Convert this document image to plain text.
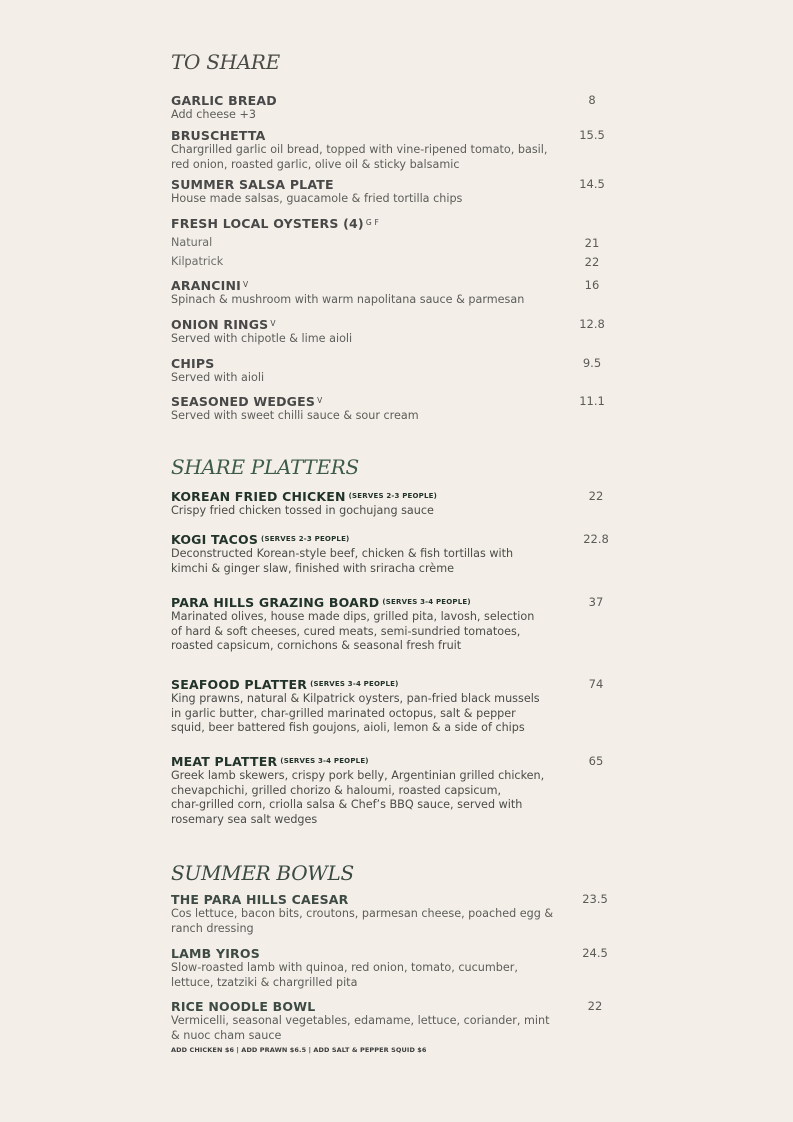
TO SHARE
GARLIC BREAD
Add cheese +3
8
BRUSCHETTA
Chargrilled garlic oil bread, topped with vine-ripened tomato, basil,
red onion, roasted garlic, olive oil & sticky balsamic
15.5
SUMMER SALSA PLATE
House made salsas, guacamole & fried tortilla chips
14.5
FRESH LOCAL OYSTERS (4) $^{G F}$
Natural	21
Kilpatrick	22
ARANCINI $^V$
Spinach & mushroom with warm napolitana sauce & parmesan
16
ONION RINGS $^V$
Served with chipotle & lime aioli
12.8
CHIPS
Served with aioli
9.5
SEASONED WEDGES $^V$
Served with sweet chilli sauce & sour cream
11.1
SHARE PLATTERS
KOREAN FRIED CHICKEN $^{(SERVES 2-3 PEOPLE)}$
Crispy fried chicken tossed in gochujang sauce
22
KOGI TACOS $^{(SERVES 2-3 PEOPLE)}$
Deconstructed Korean-style beef, chicken & fish tortillas with
kimchi & ginger slaw, finished with sriracha crème
22.8
PARA HILLS GRAZING BOARD $^{(SERVES 3-4 PEOPLE)}$
Marinated olives, house made dips, grilled pita, lavosh, selection
of hard & soft cheeses, cured meats, semi-sundried tomatoes,
roasted capsicum, cornichons & seasonal fresh fruit
37
SEAFOOD PLATTER $^{(SERVES 3-4 PEOPLE)}$
King prawns, natural & Kilpatrick oysters, pan-fried black mussels
in garlic butter, char-grilled marinated octopus, salt & pepper
squid, beer battered fish goujons, aioli, lemon & a side of chips
74
MEAT PLATTER $^{(SERVES 3-4 PEOPLE)}$
Greek lamb skewers, crispy pork belly, Argentinian grilled chicken,
chevapchichi, grilled chorizo & haloumi, roasted capsicum,
char-grilled corn, criolla salsa & Chef’s BBQ sauce, served with
rosemary sea salt wedges
65
SUMMER BOWLS
THE PARA HILLS CAESAR
Cos lettuce, bacon bits, croutons, parmesan cheese, poached egg &
ranch dressing
23.5
LAMB YIROS
Slow-roasted lamb with quinoa, red onion, tomato, cucumber,
lettuce, tzatziki & chargrilled pita
24.5
RICE NOODLE BOWL
Vermicelli, seasonal vegetables, edamame, lettuce, coriander, mint
& nuoc cham sauce
ADD CHICKEN $6 | ADD PRAWN $6.5 | ADD SALT & PEPPER SQUID $6
22
